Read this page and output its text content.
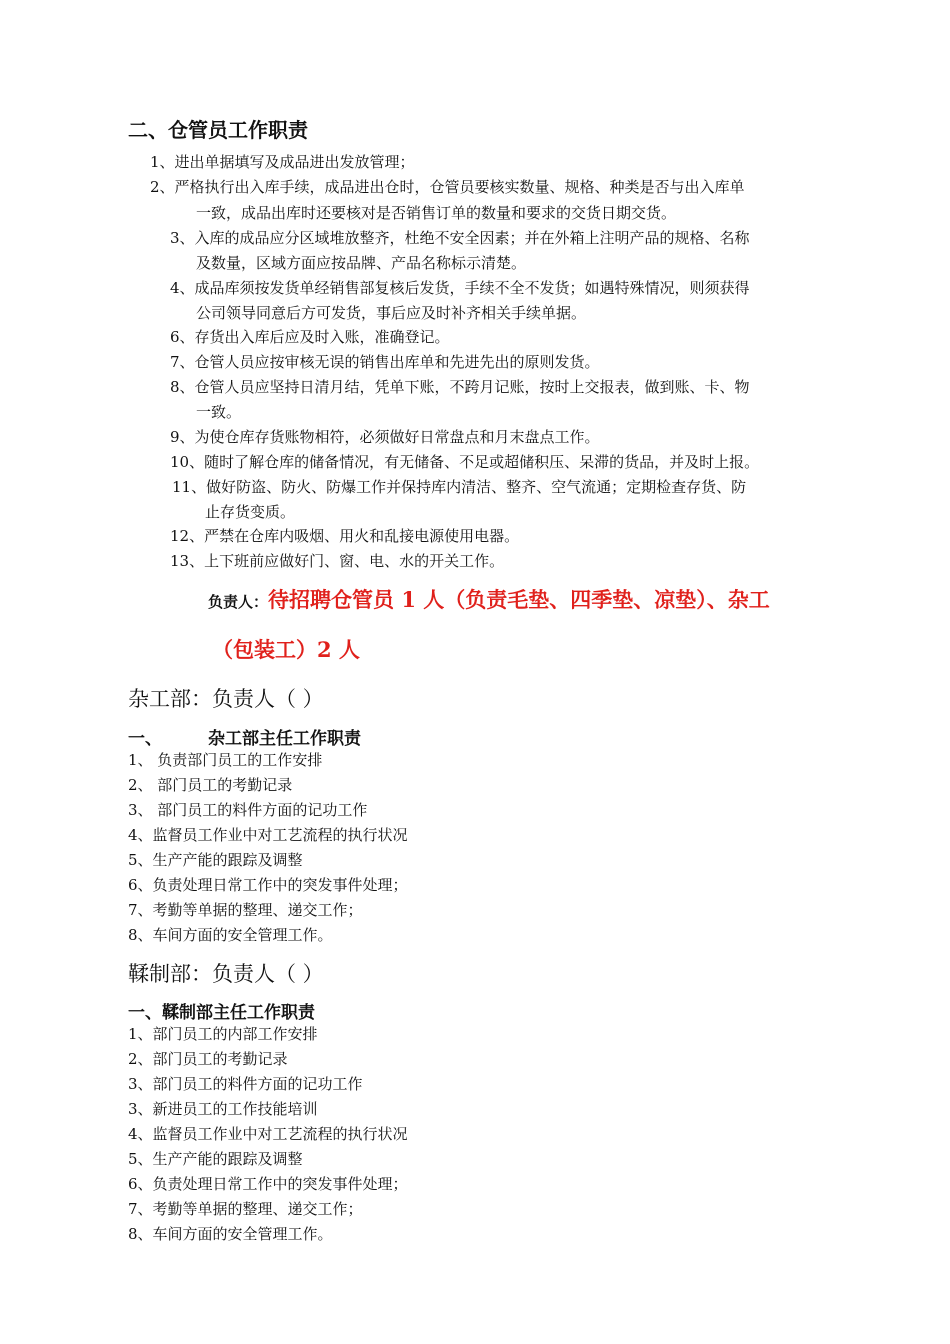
二、仓管员工作职责
1、进出单据填写及成品进出发放管理；
2、严格执行出入库手续，成品进出仓时，仓管员要核实数量、规格、种类是否与出入库单
一致，成品出库时还要核对是否销售订单的数量和要求的交货日期交货。
3、入库的成品应分区域堆放整齐，杜绝不安全因素；并在外箱上注明产品的规格、名称
及数量，区域方面应按品牌、产品名称标示清楚。
4、成品库须按发货单经销售部复核后发货，手续不全不发货；如遇特殊情况，则须获得
公司领导同意后方可发货，事后应及时补齐相关手续单据。
6、存货出入库后应及时入账，准确登记。
7、仓管人员应按审核无误的销售出库单和先进先出的原则发货。
8、仓管人员应坚持日清月结，凭单下账，不跨月记账，按时上交报表，做到账、卡、物
一致。
9、为使仓库存货账物相符，必须做好日常盘点和月末盘点工作。
10、随时了解仓库的储备情况，有无储备、不足或超储积压、呆滞的货品，并及时上报。
11、做好防盗、防火、防爆工作并保持库内清洁、整齐、空气流通；定期检查存货、防
止存货变质。
12、严禁在仓库内吸烟、用火和乱接电源使用电器。
13、上下班前应做好门、窗、电、水的开关工作。
负责人：待招聘仓管员 1 人（负责毛垫、四季垫、凉垫）、杂工
（包装工）2 人
杂工部：负责人（ ）
一、	杂工部主任工作职责
1、 负责部门员工的工作安排
2、 部门员工的考勤记录
3、 部门员工的料件方面的记功工作
4、监督员工作业中对工艺流程的执行状况
5、生产产能的跟踪及调整
6、负责处理日常工作中的突发事件处理；
7、考勤等单据的整理、递交工作；
8、车间方面的安全管理工作。
鞣制部：负责人（ ）
一、鞣制部主任工作职责
1、部门员工的内部工作安排
2、部门员工的考勤记录
3、部门员工的料件方面的记功工作
3、新进员工的工作技能培训
4、监督员工作业中对工艺流程的执行状况
5、生产产能的跟踪及调整
6、负责处理日常工作中的突发事件处理；
7、考勤等单据的整理、递交工作；
8、车间方面的安全管理工作。
